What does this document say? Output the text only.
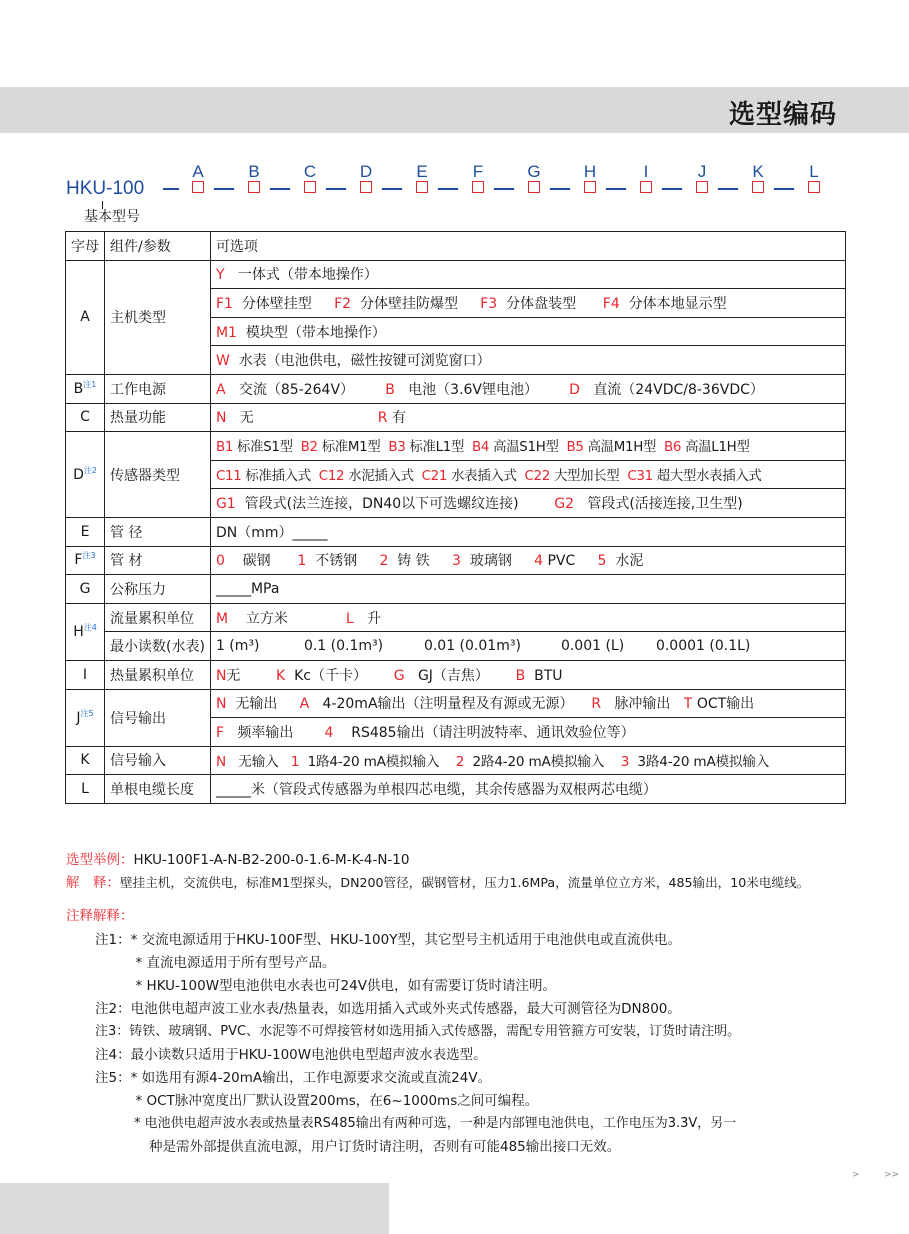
选型编码
HKU-100
A	B	C	D	E	F	G	H	I	J	K	L
基本型号
字母	组件/参数	可选项
A	主机类型	Y 一体式（带本地操作）
		F1 分体壁挂型 F2 分体壁挂防爆型 F3 分体盘装型 F4 分体本地显示型
		M1 模块型（带本地操作）
		W 水表（电池供电，磁性按键可浏览窗口）
$B^{注1}$	工作电源	A 交流（85-264V） B 电池（3.6V锂电池） D 直流（24VDC/8-36VDC）
C	热量功能	N 无 R 有
$D^{注2}$	传感器类型	B1 标准S1型 B2 标准M1型 B3 标准L1型 B4 高温S1H型 B5 高温M1H型 B6 高温L1H型
		C11 标准插入式 C12 水泥插入式 C21 水表插入式 C22 大型加长型 C31 超大型水表插入式
		G1 管段式(法兰连接，DN40以下可选螺纹连接) G2 管段式(活接连接,卫生型)
E	管 径	DN（mm）_____
$F^{注3}$	管 材	0 碳钢 1 不锈钢 2 铸 铁 3 玻璃钢 4 PVC 5 水泥
G	公称压力	_____MPa
$H^{注4}$	流量累积单位	M 立方米 L 升
	最小读数(水表)	1 (m³) 0.1 (0.1m³) 0.01 (0.01m³) 0.001 (L) 0.0001 (0.1L)
I	热量累积单位	N无 K Kc（千卡） G GJ（吉焦） B BTU
$J^{注5}$	信号输出	N 无输出 A 4-20mA输出（注明量程及有源或无源） R 脉冲输出 T OCT输出
		F 频率输出 4 RS485输出（请注明波特率、通讯效验位等）
K	信号输入	N 无输入 1 1路4-20 mA模拟输入 2 2路4-20 mA模拟输入 3 3路4-20 mA模拟输入
L	单根电缆长度	_____米（管段式传感器为单根四芯电缆，其余传感器为双根两芯电缆）
选型举例：HKU-100F1-A-N-B2-200-0-1.6-M-K-4-N-10
解　释：壁挂主机，交流供电，标准M1型探头，DN200管径，碳钢管材，压力1.6MPa，流量单位立方米，485输出，10米电缆线。
注释解释：
注1：* 交流电源适用于HKU-100F型、HKU-100Y型，其它型号主机适用于电池供电或直流供电。
　　　* 直流电源适用于所有型号产品。
　　　* HKU-100W型电池供电水表也可24V供电，如有需要订货时请注明。
注2：电池供电超声波工业水表/热量表，如选用插入式或外夹式传感器，最大可测管径为DN800。
注3：铸铁、玻璃钢、PVC、水泥等不可焊接管材如选用插入式传感器，需配专用管箍方可安装，订货时请注明。
注4：最小读数只适用于HKU-100W电池供电型超声波水表选型。
注5：* 如选用有源4-20mA输出，工作电源要求交流或直流24V。
　　　* OCT脉冲宽度出厂默认设置200ms，在6~1000ms之间可编程。
　　　* 电池供电超声波水表或热量表RS485输出有两种可选，一种是内部锂电池供电，工作电压为3.3V，另一
　　　　种是需外部提供直流电源，用户订货时请注明，否则有可能485输出接口无效。
>	>>
